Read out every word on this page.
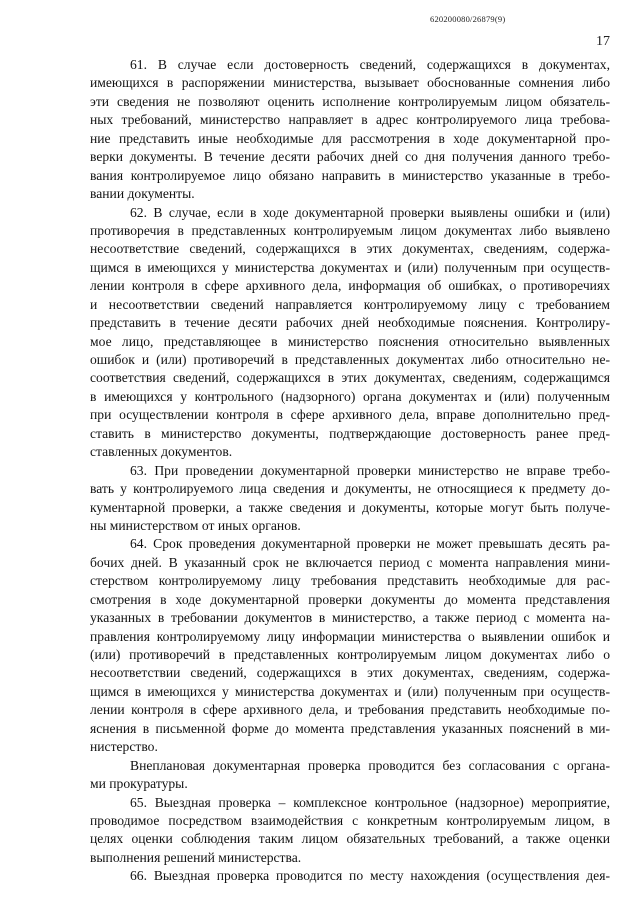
620200080/26879(9)
17
61. В случае если достоверность сведений, содержащихся в документах,
имеющихся в распоряжении министерства, вызывает обоснованные сомнения либо
эти сведения не позволяют оценить исполнение контролируемым лицом обязатель-
ных требований, министерство направляет в адрес контролируемого лица требова-
ние представить иные необходимые для рассмотрения в ходе документарной про-
верки документы. В течение десяти рабочих дней со дня получения данного требо-
вания контролируемое лицо обязано направить в министерство указанные в требо-
вании документы.
62. В случае, если в ходе документарной проверки выявлены ошибки и (или)
противоречия в представленных контролируемым лицом документах либо выявлено
несоответствие сведений, содержащихся в этих документах, сведениям, содержа-
щимся в имеющихся у министерства документах и (или) полученным при осуществ-
лении контроля в сфере архивного дела, информация об ошибках, о противоречиях
и несоответствии сведений направляется контролируемому лицу с требованием
представить в течение десяти рабочих дней необходимые пояснения. Контролиру-
мое лицо, представляющее в министерство пояснения относительно выявленных
ошибок и (или) противоречий в представленных документах либо относительно не-
соответствия сведений, содержащихся в этих документах, сведениям, содержащимся
в имеющихся у контрольного (надзорного) органа документах и (или) полученным
при осуществлении контроля в сфере архивного дела, вправе дополнительно пред-
ставить в министерство документы, подтверждающие достоверность ранее пред-
ставленных документов.
63. При проведении документарной проверки министерство не вправе требо-
вать у контролируемого лица сведения и документы, не относящиеся к предмету до-
кументарной проверки, а также сведения и документы, которые могут быть получе-
ны министерством от иных органов.
64. Срок проведения документарной проверки не может превышать десять ра-
бочих дней. В указанный срок не включается период с момента направления мини-
стерством контролируемому лицу требования представить необходимые для рас-
смотрения в ходе документарной проверки документы до момента представления
указанных в требовании документов в министерство, а также период с момента на-
правления контролируемому лицу информации министерства о выявлении ошибок и
(или) противоречий в представленных контролируемым лицом документах либо о
несоответствии сведений, содержащихся в этих документах, сведениям, содержа-
щимся в имеющихся у министерства документах и (или) полученным при осуществ-
лении контроля в сфере архивного дела, и требования представить необходимые по-
яснения в письменной форме до момента представления указанных пояснений в ми-
нистерство.
Внеплановая документарная проверка проводится без согласования с органа-
ми прокуратуры.
65. Выездная проверка – комплексное контрольное (надзорное) мероприятие,
проводимое посредством взаимодействия с конкретным контролируемым лицом, в
целях оценки соблюдения таким лицом обязательных требований, а также оценки
выполнения решений министерства.
66. Выездная проверка проводится по месту нахождения (осуществления дея-
